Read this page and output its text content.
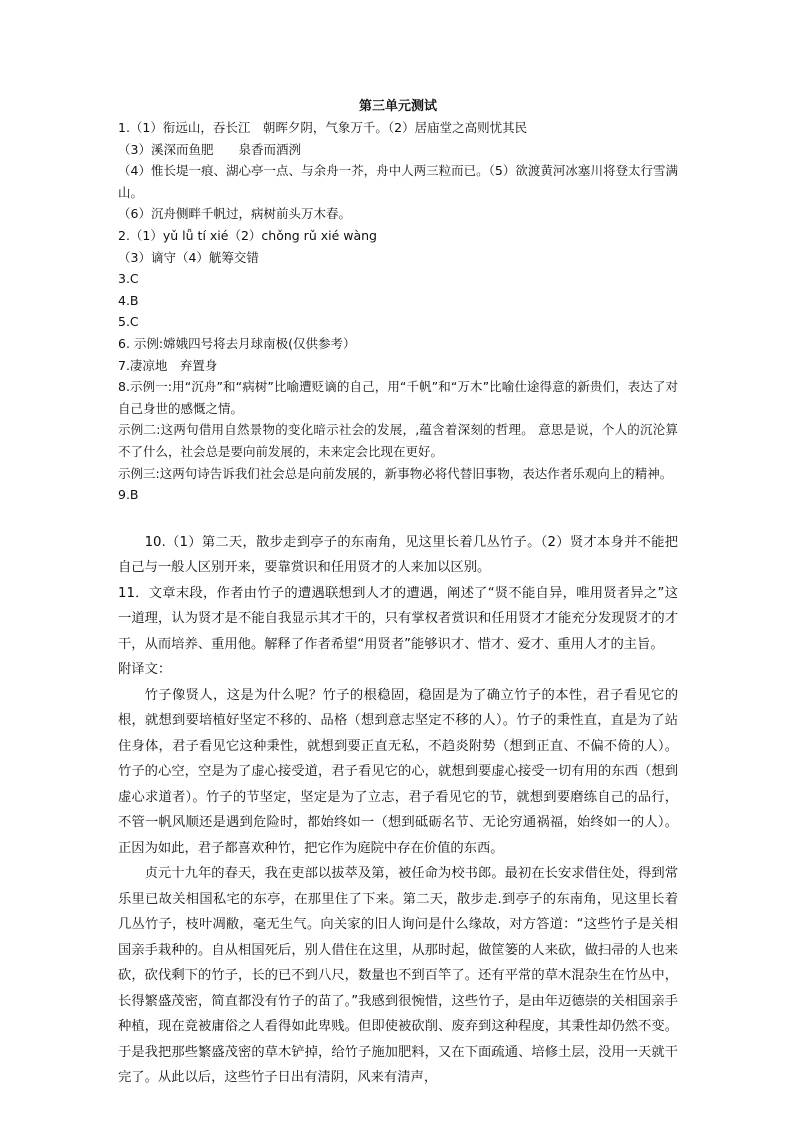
第三单元测试

1.（1）衔远山，吞长江　朝晖夕阴，气象万千。（2）居庙堂之高则忧其民

（3）溪深而鱼肥　　泉香而酒洌

（4）惟长堤一痕、湖心亭一点、与余舟一芥，舟中人两三粒而已。（5）欲渡黄河冰塞川将登太行雪满山。

（6）沉舟侧畔千帆过，病树前头万木春。

2.（1）yǔ lǚ tí xié（2）chǒng rǔ xié wàng

（3）谪守（4）觥筹交错

3.C

4.B

5.C

6. 示例:嫦娥四号将去月球南极(仅供参考）

7.凄凉地　弃置身

8.示例一:用“沉舟”和“病树”比喻遭贬谪的自己，用“千帆”和“万木”比喻仕途得意的新贵们，表达了对自己身世的感慨之情。

示例二:这两句借用自然景物的变化暗示社会的发展，,蕴含着深刻的哲理。 意思是说，个人的沉沦算不了什么，社会总是要向前发展的，未来定会比现在更好。

示例三:这两句诗告诉我们社会总是向前发展的，新事物必将代替旧事物，表达作者乐观向上的精神。

9.B

10.（1）第二天，散步走到亭子的东南角，见这里长着几丛竹子。（2）贤才本身并不能把自己与一般人区别开来，要靠赏识和任用贤才的人来加以区别。

11．文章末段，作者由竹子的遭遇联想到人才的遭遇，阐述了“贤不能自异，唯用贤者异之”这一道理，认为贤才是不能自我显示其才干的，只有掌权者赏识和任用贤才才能充分发现贤才的才干，从而培养、重用他。解释了作者希望“用贤者”能够识才、惜才、爱才、重用人才的主旨。

附译文：

竹子像贤人，这是为什么呢？竹子的根稳固，稳固是为了确立竹子的本性，君子看见它的根，就想到要培植好坚定不移的、品格（想到意志坚定不移的人）。竹子的秉性直，直是为了站住身体，君子看见它这种秉性，就想到要正直无私，不趋炎附势（想到正直、不偏不倚的人）。竹子的心空，空是为了虚心接受道，君子看见它的心，就想到要虚心接受一切有用的东西（想到虚心求道者）。竹子的节坚定，坚定是为了立志，君子看见它的节，就想到要磨练自己的品行，不管一帆风顺还是遇到危险时，都始终如一（想到砥砺名节、无论穷通祸福，始终如一的人）。正因为如此，君子都喜欢种竹，把它作为庭院中存在价值的东西。

贞元十九年的春天，我在吏部以拔萃及第，被任命为校书郎。最初在长安求借住处，得到常乐里已故关相国私宅的东亭，在那里住了下来。第二天，散步走.到亭子的东南角，见这里长着几丛竹子，枝叶凋敝，毫无生气。向关家的旧人询问是什么缘故，对方答道：“这些竹子是关相国亲手栽种的。自从相国死后，别人借住在这里，从那时起，做筐篓的人来砍，做扫帚的人也来砍，砍伐剩下的竹子，长的已不到八尺，数量也不到百竿了。还有平常的草木混杂生在竹丛中，长得繁盛茂密，简直都没有竹子的苗了。”我感到很惋惜，这些竹子，是由年迈德崇的关相国亲手种植，现在竟被庸俗之人看得如此卑贱。但即使被砍削、废弃到这种程度，其秉性却仍然不变。于是我把那些繁盛茂密的草木铲掉，给竹子施加肥料，又在下面疏通、培修土层，没用一天就干完了。从此以后，这些竹子日出有清阴，风来有清声，
